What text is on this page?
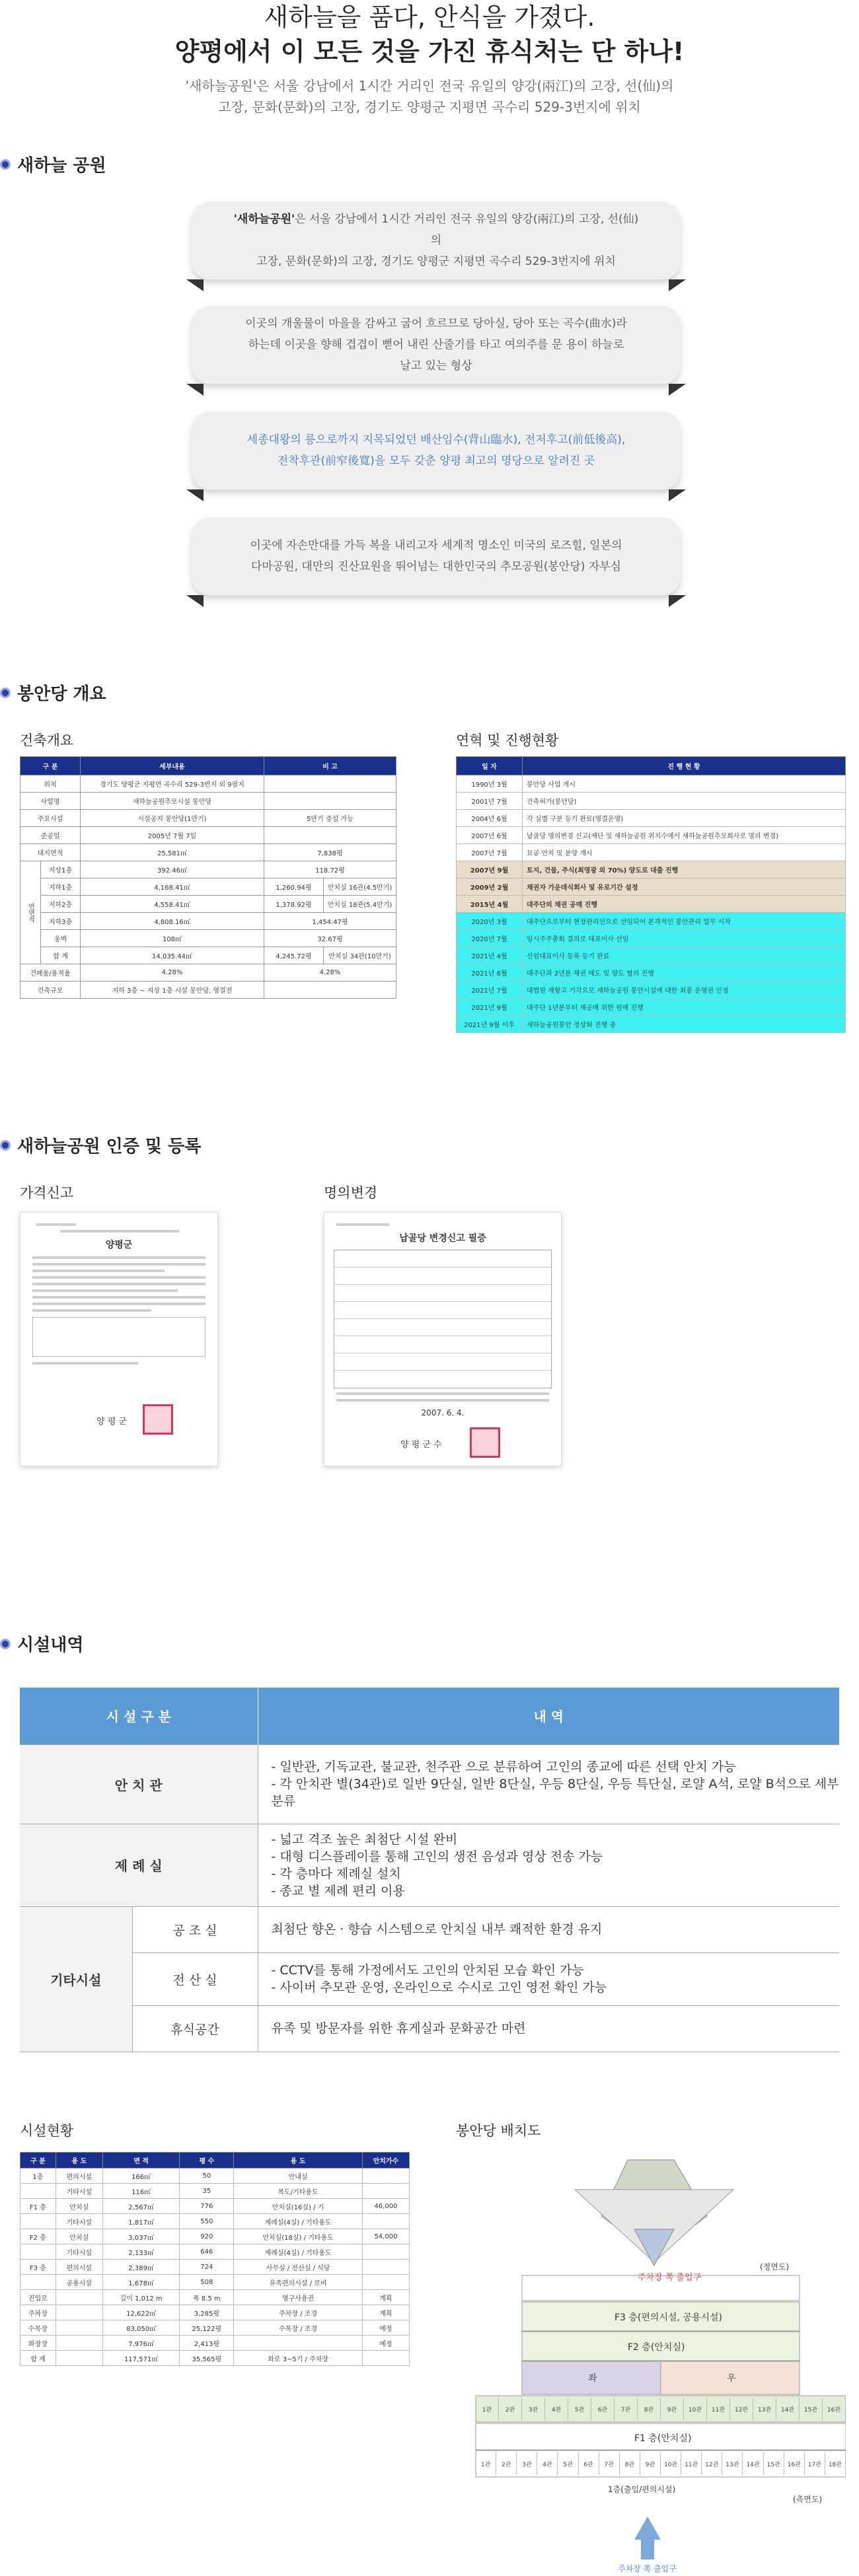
새하늘을 품다, 안식을 가졌다.
양평에서 이 모든 것을 가진 휴식처는 단 하나!

'새하늘공원'은 서울 강남에서 1시간 거리인 전국 유일의 양강(兩江)의 고장, 선(仙)의

고장, 문화(문화)의 고장, 경기도 양평군 지평면 곡수리 529-3번지에 위치

새하늘 공원
'새하늘공원'은 서울 강남에서 1시간 거리인 전국 유일의 양강(兩江)의 고장, 선(仙)의
고장, 문화(문화)의 고장, 경기도 양평군 지평면 곡수리 529-3번지에 위치
이곳의 개울물이 마을을 감싸고 굽어 흐르므로 당아실, 당아 또는 곡수(曲水)라
하는데 이곳을 향해 겹겹이 뻗어 내린 산줄기를 타고 여의주를 문 용이 하늘로
날고 있는 형상
세종대왕의 릉으로까지 지목되었던 배산임수(背山臨水), 전저후고(前低後高),
전착후관(前窄後寬)을 모두 갖춘 양평 최고의 명당으로 알려진 곳
이곳에 자손만대를 가득 복을 내리고자 세계적 명소인 미국의 로즈힐, 일본의
다마공원, 대만의 진산묘원을 뛰어넘는 대한민국의 추모공원(봉안당) 자부심
봉안당 개요
건축개요	연혁 및 진행현황
구 분		세부내용	비 고	
위치		경기도 양평군 지평면 곡수리 529-3번지 외 9필지		
사업명		새하늘공원추모시설 봉안당		
주요시설		시설공지 봉안당(1만기)	5만기 증설 가능	
준공일		2005년 7월 7일		
대지면적		25,581㎡	7,838평	
연면적	지상1층	392.46㎡	118.72평	
	지하1층	4,168.41㎡	1,260.94평	안치실 16관(4.5만기)
	지하2층	4,558.41㎡	1,378.92평	안치실 18관(5.4만기)
	지하3층	4,808.16㎡	1,454.47평	
	옹벽	108㎡	32.67평	
	합 계	14,035.44㎡	4,245.72평	안치실 34관(10만기)
건폐율/용적율		4.28%	4.28%	
건축규모		지하 3층 ~ 지상 1층 시설 봉안당, 영결전		
일 자	진 행 현 황
1990년 3월	봉안당 사업 개시
2001년 7월	건축허가(봉안당)
2004년 6월	각 실별 구분 등기 완료(영결운영)
2007년 6월	납골당 명의변경 신고(재단 및 새하늘공원 위치수에서 새하늘공원추모회사로 명의 변경)
2007년 7월	묘공 안치 및 분양 개시
2007년 9월	토지, 건물, 주식(최영광 외 70%) 양도로 대출 진행
2009년 2월	채권자 가운데식회사 및 유로기간 설정
2015년 4월	대주단의 채권 공매 진행
2020년 3월	대주단으로부터 현장관리인으로 선임되어 본격적인 봉안관리 업무 시작
2020년 7월	임시주주총회 결의로 대표이사 선임
2021년 4월	신임대표이사 등록 등기 완료
2021년 6월	대주단과 2년분 채권 매도 및 양도 협의 진행
2021년 7월	대법원 재항고 기각으로 새하늘공원 봉안시설에 대한 최종 운영권 인정
2021년 9월	대주단 1년분부터 재공매 위한 원매 진행
2021년 9월 이후	새하늘공원봉안 정상화 진행 중
새하늘공원 인증 및 등록
가격신고	명의변경
양평군
양 평 군
납골당 변경신고 필증
2007. 6. 4.
양 평 군 수
시설내역
시 설 구 분		내 역
안 치 관		- 일반관, 기독교관, 불교관, 천주관 으로 분류하여 고인의 종교에 따른 선택 안치 가능
- 각 안치관 별(34관)로 일반 9단실, 일반 8단실, 우등 8단실, 우등 특단실, 로얄 A석, 로얄 B석으로 세부 분류

제 례 실		- 넓고 격조 높은 최첨단 시설 완비
- 대형 디스플레이를 통해 고인의 생전 음성과 영상 전송 가능
- 각 층마다 제례실 설치
- 종교 별 제례 편리 이용

기타시설	공 조 실	최첨단 향온 · 향습 시스템으로 안치실 내부 쾌적한 환경 유지
	전 산 실	- CCTV를 통해 가정에서도 고인의 안치된 모습 확인 가능
- 사이버 추모관 운영, 온라인으로 수시로 고인 영전 확인 가능

	휴식공간	유족 및 방문자를 위한 휴게실과 문화공간 마련
시설현황
구 분	용 도	면 적	평 수	용 도	안치가수
1층	편의시설	166㎡	50	안내실	
	기타시설	116㎡	35	복도/기타용도	
F1 층	안치실	2,567㎡	776	안치실(16실) / 기	46,000
	기타시설	1,817㎡	550	제례실(4실) / 기타용도	
F2 층	안치실	3,037㎡	920	안치실(18실) / 기타용도	54,000
	기타시설	2,133㎡	646	제례실(4실) / 기타용도	
F3 층	편의시설	2,389㎡	724	사무실 / 전산실 / 식당	
	공용시설	1,678㎡	508	유족편의시설 / 로비	
진입로		길이 1,012 m	폭 8.5 m	영구사용권	계획
주차장		12,622㎡	3,285평	주차장 / 조경	계획
수목장		83,050㎡	25,122평	수목장 / 조경	예정
화장장		7,976㎡	2,413평		예정
합 계		117,571㎡	35,565평	화로 3~5기 / 주차장	
봉안당 배치도
주차장 쪽 출입구
(정면도)
F3 층(편의시설, 공용시설)
F2 층(안치실)
좌	우
1관	2관	3관	4관	5관	6관	7관	8관	9관	10관	11관	12관	13관	14관	15관	16관
F1 층(안치실)
1관	2관	3관	4관	5관	6관	7관	8관	9관	10관	11관	12관	13관	14관	15관	16관	17관	18관
1층(출입/편의시설)
(측면도)
주차장 쪽 출입구
